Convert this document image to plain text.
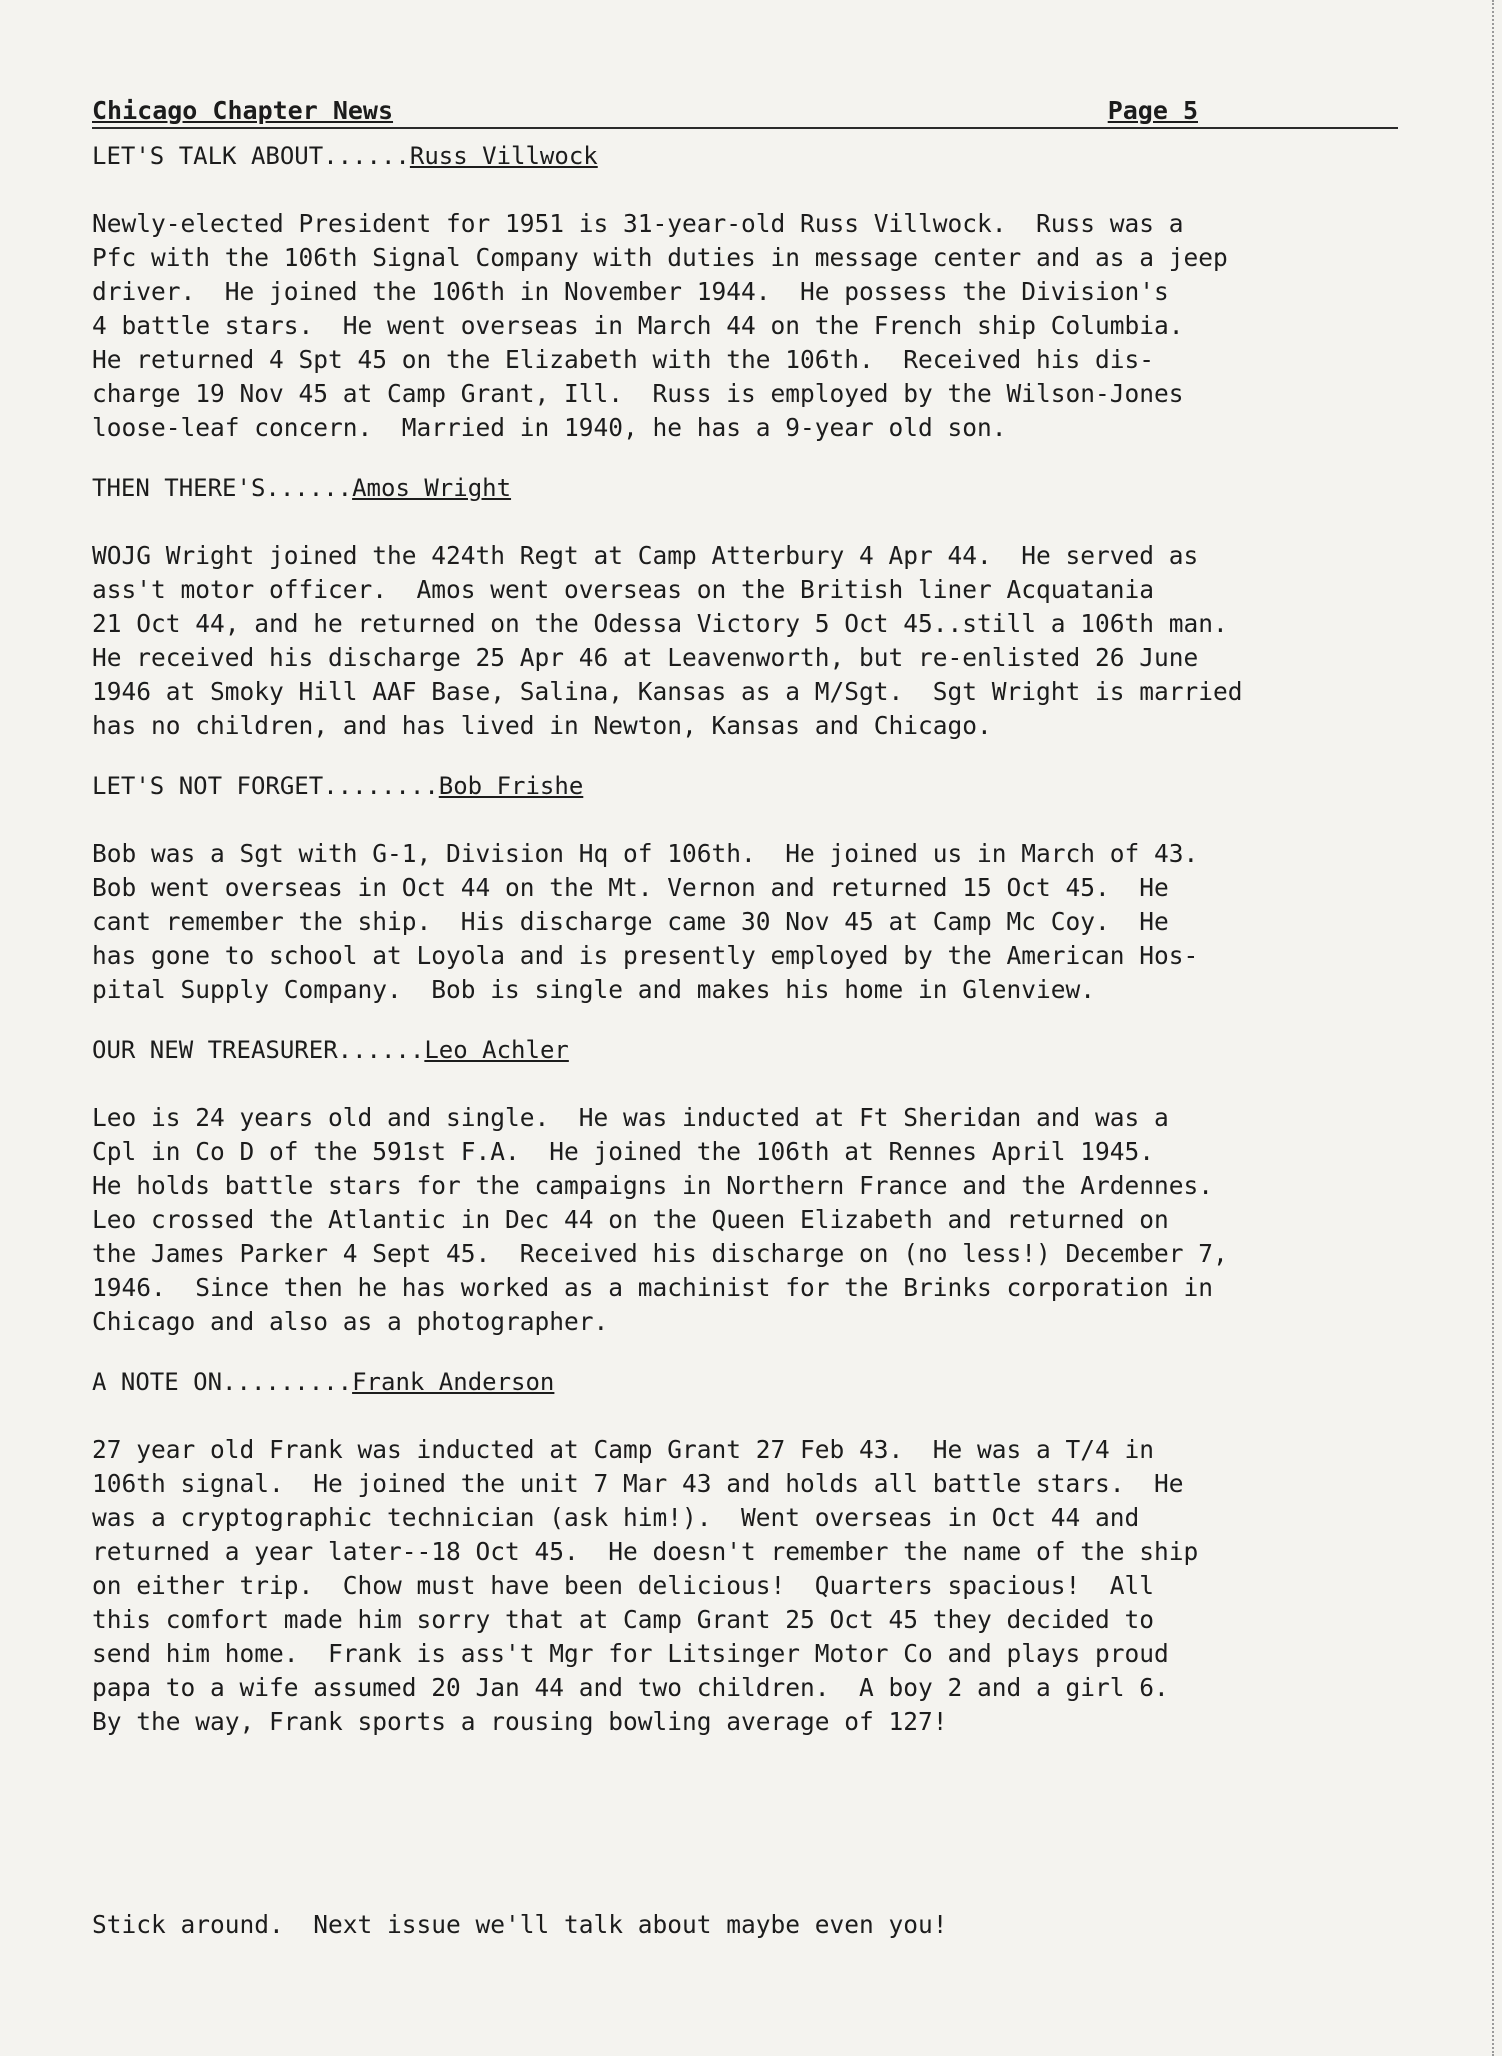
Chicago Chapter News	Page 5
LET'S TALK ABOUT......Russ Villwock
Newly-elected President for 1951 is 31-year-old Russ Villwock.  Russ was a
Pfc with the 106th Signal Company with duties in message center and as a jeep
driver.  He joined the 106th in November 1944.  He possess the Division's
4 battle stars.  He went overseas in March 44 on the French ship Columbia.
He returned 4 Spt 45 on the Elizabeth with the 106th.  Received his dis-
charge 19 Nov 45 at Camp Grant, Ill.  Russ is employed by the Wilson-Jones
loose-leaf concern.  Married in 1940, he has a 9-year old son.
THEN THERE'S......Amos Wright
WOJG Wright joined the 424th Regt at Camp Atterbury 4 Apr 44.  He served as
ass't motor officer.  Amos went overseas on the British liner Acquatania
21 Oct 44, and he returned on the Odessa Victory 5 Oct 45..still a 106th man.
He received his discharge 25 Apr 46 at Leavenworth, but re-enlisted 26 June
1946 at Smoky Hill AAF Base, Salina, Kansas as a M/Sgt.  Sgt Wright is married
has no children, and has lived in Newton, Kansas and Chicago.
LET'S NOT FORGET........Bob Frishe
Bob was a Sgt with G-1, Division Hq of 106th.  He joined us in March of 43.
Bob went overseas in Oct 44 on the Mt. Vernon and returned 15 Oct 45.  He
cant remember the ship.  His discharge came 30 Nov 45 at Camp Mc Coy.  He
has gone to school at Loyola and is presently employed by the American Hos-
pital Supply Company.  Bob is single and makes his home in Glenview.
OUR NEW TREASURER......Leo Achler
Leo is 24 years old and single.  He was inducted at Ft Sheridan and was a
Cpl in Co D of the 591st F.A.  He joined the 106th at Rennes April 1945.
He holds battle stars for the campaigns in Northern France and the Ardennes.
Leo crossed the Atlantic in Dec 44 on the Queen Elizabeth and returned on
the James Parker 4 Sept 45.  Received his discharge on (no less!) December 7,
1946.  Since then he has worked as a machinist for the Brinks corporation in
Chicago and also as a photographer.
A NOTE ON.........Frank Anderson
27 year old Frank was inducted at Camp Grant 27 Feb 43.  He was a T/4 in
106th signal.  He joined the unit 7 Mar 43 and holds all battle stars.  He
was a cryptographic technician (ask him!).  Went overseas in Oct 44 and
returned a year later--18 Oct 45.  He doesn't remember the name of the ship
on either trip.  Chow must have been delicious!  Quarters spacious!  All
this comfort made him sorry that at Camp Grant 25 Oct 45 they decided to
send him home.  Frank is ass't Mgr for Litsinger Motor Co and plays proud
papa to a wife assumed 20 Jan 44 and two children.  A boy 2 and a girl 6.
By the way, Frank sports a rousing bowling average of 127!
Stick around.  Next issue we'll talk about maybe even you!
